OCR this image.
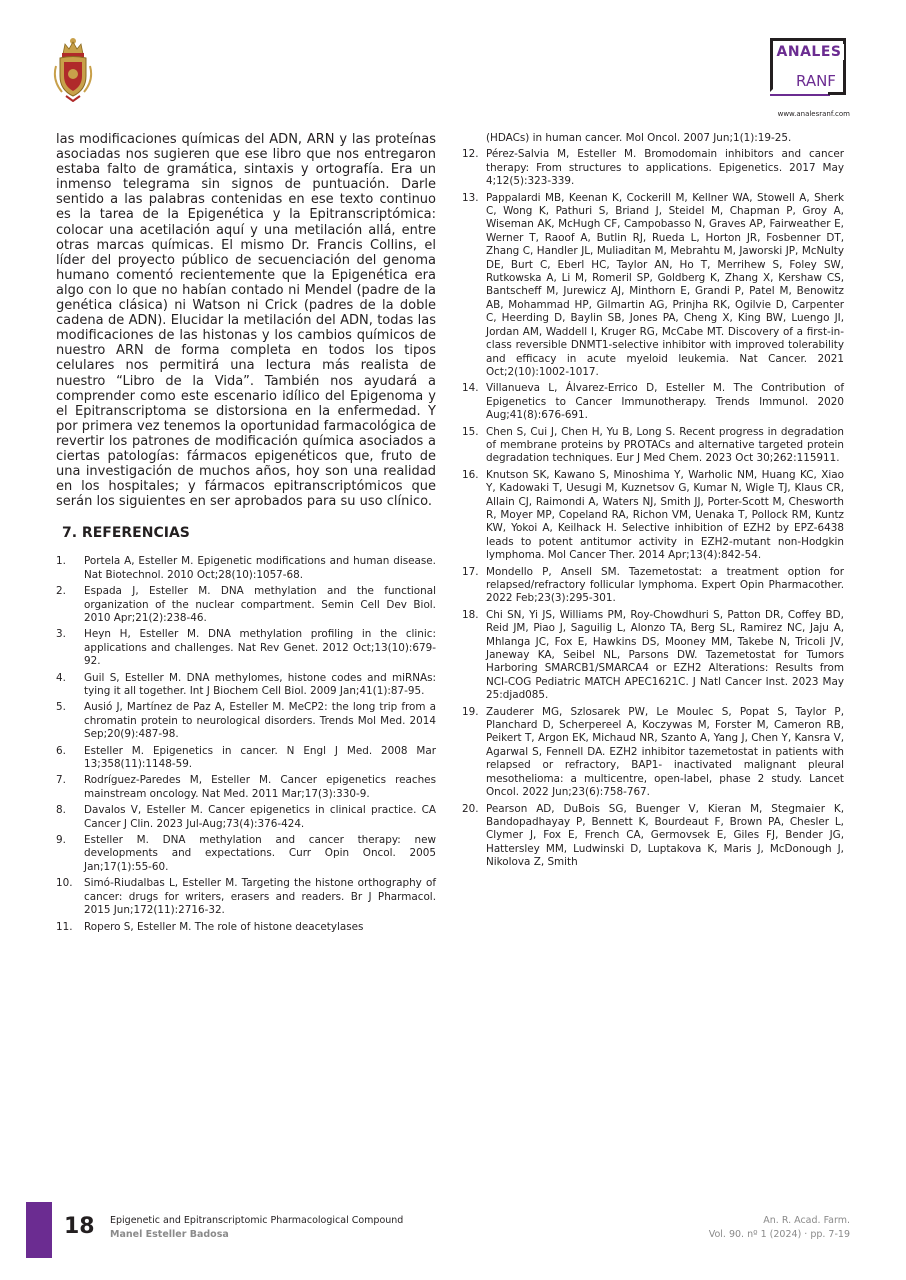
ANALES
RANF
www.analesranf.com

las modificaciones químicas del ADN, ARN y las proteínas asociadas nos sugieren que ese libro que nos entregaron estaba falto de gramática, sintaxis y ortografía. Era un inmenso telegrama sin signos de puntuación. Darle sentido a las palabras contenidas en ese texto continuo es la tarea de la Epigenética y la Epitranscriptómica: colocar una acetilación aquí y una metilación allá, entre otras marcas químicas. El mismo Dr. Francis Collins, el líder del proyecto público de secuenciación del genoma humano comentó recientemente que la Epigenética era algo con lo que no habían contado ni Mendel (padre de la genética clásica) ni Watson ni Crick (padres de la doble cadena de ADN). Elucidar la metilación del ADN, todas las modificaciones de las histonas y los cambios químicos de nuestro ARN de forma completa en todos los tipos celulares nos permitirá una lectura más realista de nuestro “Libro de la Vida”. También nos ayudará a comprender como este escenario idílico del Epigenoma y el Epitranscriptoma se distorsiona en la enfermedad. Y por primera vez tenemos la oportunidad farmacológica de revertir los patrones de modificación química asociados a ciertas patologías: fármacos epigenéticos que, fruto de una investigación de muchos años, hoy son una realidad en los hospitales; y fármacos epitranscriptómicos que serán los siguientes en ser aprobados para su uso clínico.

7. REFERENCIAS
1.	Portela A, Esteller M. Epigenetic modifications and human disease. Nat Biotechnol. 2010 Oct;28(10):1057-68.
2.	Espada J, Esteller M. DNA methylation and the functional organization of the nuclear compartment. Semin Cell Dev Biol. 2010 Apr;21(2):238-46.
3.	Heyn H, Esteller M. DNA methylation profiling in the clinic: applications and challenges. Nat Rev Genet. 2012 Oct;13(10):679-92.
4.	Guil S, Esteller M. DNA methylomes, histone codes and miRNAs: tying it all together. Int J Biochem Cell Biol. 2009 Jan;41(1):87-95.
5.	Ausió J, Martínez de Paz A, Esteller M. MeCP2: the long trip from a chromatin protein to neurological disorders. Trends Mol Med. 2014 Sep;20(9):487-98.
6.	Esteller M. Epigenetics in cancer. N Engl J Med. 2008 Mar 13;358(11):1148-59.
7.	Rodríguez-Paredes M, Esteller M. Cancer epigenetics reaches mainstream oncology. Nat Med. 2011 Mar;17(3):330-9.
8.	Davalos V, Esteller M. Cancer epigenetics in clinical practice. CA Cancer J Clin. 2023 Jul-Aug;73(4):376-424.
9.	Esteller M. DNA methylation and cancer therapy: new developments and expectations. Curr Opin Oncol. 2005 Jan;17(1):55-60.
10.	Simó-Riudalbas L, Esteller M. Targeting the histone orthography of cancer: drugs for writers, erasers and readers. Br J Pharmacol. 2015 Jun;172(11):2716-32.
11.	Ropero S, Esteller M. The role of histone deacetylases
(HDACs) in human cancer. Mol Oncol. 2007 Jun;1(1):19-25.
12. Pérez-Salvia M, Esteller M. Bromodomain inhibitors and cancer therapy: From structures to applications. Epigenetics. 2017 May 4;12(5):323-339.
13. Pappalardi MB, Keenan K, Cockerill M, Kellner WA, Stowell A, Sherk C, Wong K, Pathuri S, Briand J, Steidel M, Chapman P, Groy A, Wiseman AK, McHugh CF, Campobasso N, Graves AP, Fairweather E, Werner T, Raoof A, Butlin RJ, Rueda L, Horton JR, Fosbenner DT, Zhang C, Handler JL, Muliaditan M, Mebrahtu M, Jaworski JP, McNulty DE, Burt C, Eberl HC, Taylor AN, Ho T, Merrihew S, Foley SW, Rutkowska A, Li M, Romeril SP, Goldberg K, Zhang X, Kershaw CS, Bantscheff M, Jurewicz AJ, Minthorn E, Grandi P, Patel M, Benowitz AB, Mohammad HP, Gilmartin AG, Prinjha RK, Ogilvie D, Carpenter C, Heerding D, Baylin SB, Jones PA, Cheng X, King BW, Luengo JI, Jordan AM, Waddell I, Kruger RG, McCabe MT. Discovery of a first-in-class reversible DNMT1-selective inhibitor with improved tolerability and efficacy in acute myeloid leukemia. Nat Cancer. 2021 Oct;2(10):1002-1017.
14. Villanueva L, Álvarez-Errico D, Esteller M. The Contribution of Epigenetics to Cancer Immunotherapy. Trends Immunol. 2020 Aug;41(8):676-691.
15. Chen S, Cui J, Chen H, Yu B, Long S. Recent progress in degradation of membrane proteins by PROTACs and alternative targeted protein degradation techniques. Eur J Med Chem. 2023 Oct 30;262:115911.
16. Knutson SK, Kawano S, Minoshima Y, Warholic NM, Huang KC, Xiao Y, Kadowaki T, Uesugi M, Kuznetsov G, Kumar N, Wigle TJ, Klaus CR, Allain CJ, Raimondi A, Waters NJ, Smith JJ, Porter-Scott M, Chesworth R, Moyer MP, Copeland RA, Richon VM, Uenaka T, Pollock RM, Kuntz KW, Yokoi A, Keilhack H. Selective inhibition of EZH2 by EPZ-6438 leads to potent antitumor activity in EZH2-mutant non-Hodgkin lymphoma. Mol Cancer Ther. 2014 Apr;13(4):842-54.
17. Mondello P, Ansell SM. Tazemetostat: a treatment option for relapsed/refractory follicular lymphoma. Expert Opin Pharmacother. 2022 Feb;23(3):295-301.
18. Chi SN, Yi JS, Williams PM, Roy-Chowdhuri S, Patton DR, Coffey BD, Reid JM, Piao J, Saguilig L, Alonzo TA, Berg SL, Ramirez NC, Jaju A, Mhlanga JC, Fox E, Hawkins DS, Mooney MM, Takebe N, Tricoli JV, Janeway KA, Seibel NL, Parsons DW. Tazemetostat for Tumors Harboring SMARCB1/SMARCA4 or EZH2 Alterations: Results from NCI-COG Pediatric MATCH APEC1621C. J Natl Cancer Inst. 2023 May 25:djad085.
19. Zauderer MG, Szlosarek PW, Le Moulec S, Popat S, Taylor P, Planchard D, Scherpereel A, Koczywas M, Forster M, Cameron RB, Peikert T, Argon EK, Michaud NR, Szanto A, Yang J, Chen Y, Kansra V, Agarwal S, Fennell DA. EZH2 inhibitor tazemetostat in patients with relapsed or refractory, BAP1- inactivated malignant pleural mesothelioma: a multicentre, open-label, phase 2 study. Lancet Oncol. 2022 Jun;23(6):758-767.
20. Pearson AD, DuBois SG, Buenger V, Kieran M, Stegmaier K, Bandopadhayay P, Bennett K, Bourdeaut F, Brown PA, Chesler L, Clymer J, Fox E, French CA, Germovsek E, Giles FJ, Bender JG, Hattersley MM, Ludwinski D, Luptakova K, Maris J, McDonough J, Nikolova Z, Smith
18 Epigenetic and Epitranscriptomic Pharmacological Compound
Manel Esteller Badosa
An. R. Acad. Farm.
Vol. 90. nº 1 (2024) · pp. 7-19
